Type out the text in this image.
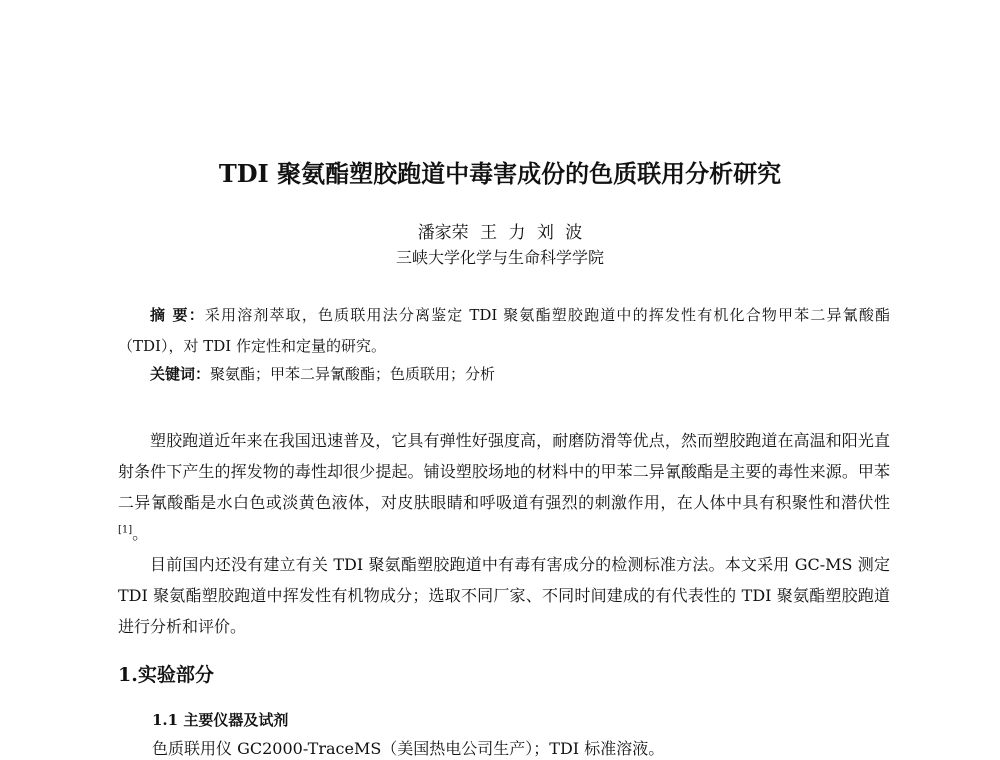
TDI 聚氨酯塑胶跑道中毒害成份的色质联用分析研究
潘家荣 王 力 刘 波
三峡大学化学与生命科学学院
摘 要：采用溶剂萃取，色质联用法分离鉴定 TDI 聚氨酯塑胶跑道中的挥发性有机化合物甲苯二异氰酸酯（TDI），对 TDI 作定性和定量的研究。
关键词：聚氨酯；甲苯二异氰酸酯；色质联用；分析
塑胶跑道近年来在我国迅速普及，它具有弹性好强度高，耐磨防滑等优点，然而塑胶跑道在高温和阳光直射条件下产生的挥发物的毒性却很少提起。铺设塑胶场地的材料中的甲苯二异氰酸酯是主要的毒性来源。甲苯二异氰酸酯是水白色或淡黄色液体，对皮肤眼睛和呼吸道有强烈的刺激作用，在人体中具有积聚性和潜伏性[1]。
目前国内还没有建立有关 TDI 聚氨酯塑胶跑道中有毒有害成分的检测标准方法。本文采用 GC-MS 测定 TDI 聚氨酯塑胶跑道中挥发性有机物成分；选取不同厂家、不同时间建成的有代表性的 TDI 聚氨酯塑胶跑道进行分析和评价。
1.实验部分
1.1 主要仪器及试剂
色质联用仪 GC2000-TraceMS（美国热电公司生产）；TDI 标准溶液。
